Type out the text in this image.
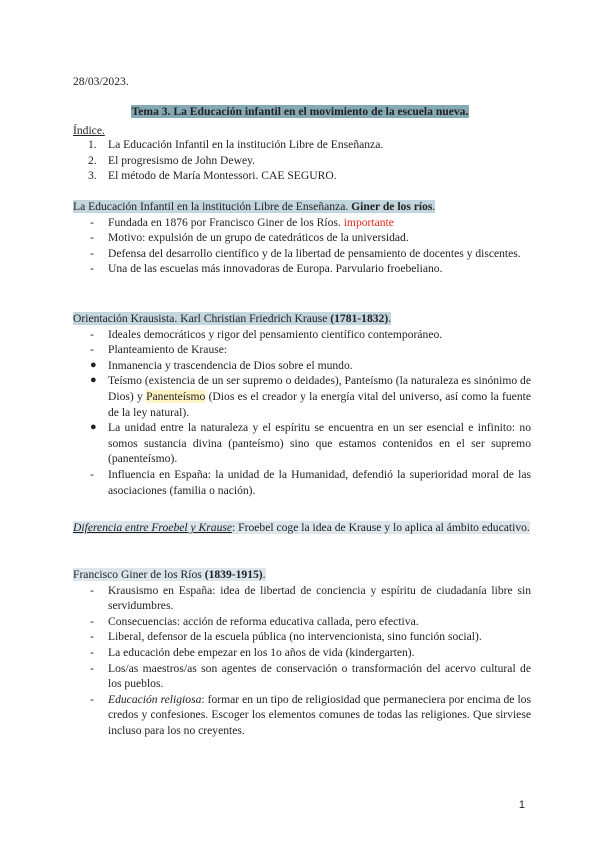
28/03/2023.
Tema 3. La Educación infantil en el movimiento de la escuela nueva.
Índice.
1. La Educación Infantil en la institución Libre de Enseñanza.
2. El progresismo de John Dewey.
3. El método de María Montessori. CAE SEGURO.
La Educación Infantil en la institución Libre de Enseñanza. Giner de los ríos.
- Fundada en 1876 por Francisco Giner de los Ríos. importante
- Motivo: expulsión de un grupo de catedráticos de la universidad.
- Defensa del desarrollo científico y de la libertad de pensamiento de docentes y discentes.
- Una de las escuelas más innovadoras de Europa. Parvulario froebeliano.
Orientación Krausista. Karl Christian Friedrich Krause (1781-1832).
- Ideales democráticos y rigor del pensamiento científico contemporáneo.
- Planteamiento de Krause:
● Inmanencia y trascendencia de Dios sobre el mundo.
● Teísmo (existencia de un ser supremo o deidades), Panteísmo (la naturaleza es sinónimo de Dios) y Panenteísmo (Dios es el creador y la energía vital del universo, así como la fuente de la ley natural).
● La unidad entre la naturaleza y el espíritu se encuentra en un ser esencial e infinito: no somos sustancia divina (panteísmo) sino que estamos contenidos en el ser supremo (panenteísmo).
- Influencia en España: la unidad de la Humanidad, defendió la superioridad moral de las asociaciones (familia o nación).
Diferencia entre Froebel y Krause: Froebel coge la idea de Krause y lo aplica al ámbito educativo.
Francisco Giner de los Ríos (1839-1915).
- Krausismo en España: idea de libertad de conciencia y espíritu de ciudadanía libre sin servidumbres.
- Consecuencias: acción de reforma educativa callada, pero efectiva.
- Liberal, defensor de la escuela pública (no intervencionista, sino función social).
- La educación debe empezar en los 1o años de vida (kindergarten).
- Los/as maestros/as son agentes de conservación o transformación del acervo cultural de los pueblos.
- Educación religiosa: formar en un tipo de religiosidad que permaneciera por encima de los credos y confesiones. Escoger los elementos comunes de todas las religiones. Que sirviese incluso para los no creyentes.
1
